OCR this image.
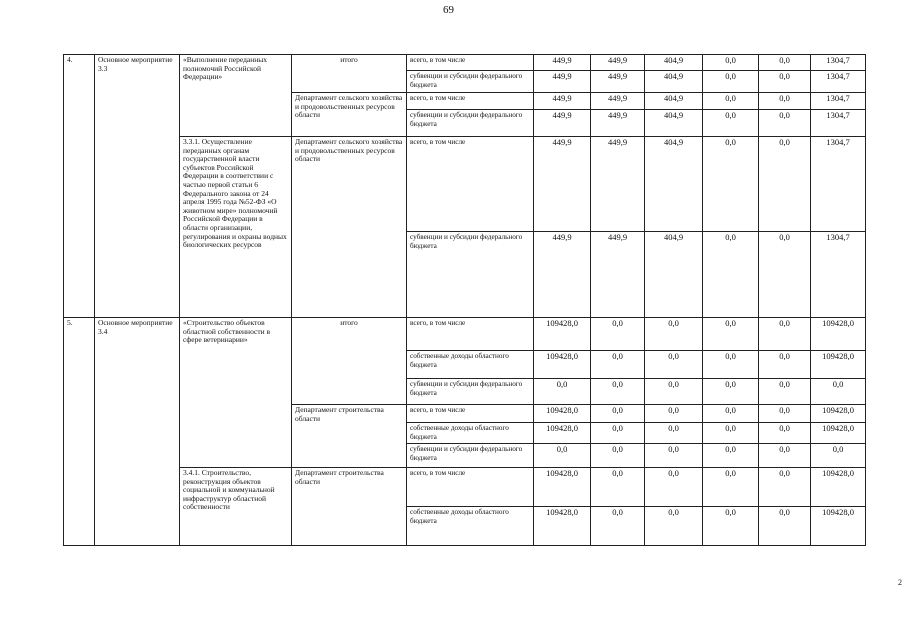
69
2
4.	Основное мероприятие 3.3	«Выполнение переданных полномочий Российской Федерации»	итого	всего, в том числе	449,9	449,9	404,9	0,0	0,0	1304,7
				субвенции и субсидии федерального бюджета	449,9	449,9	404,9	0,0	0,0	1304,7
			Департамент сельского хозяйства и продовольственных ресурсов области	всего, в том числе	449,9	449,9	404,9	0,0	0,0	1304,7
				субвенции и субсидии федерального бюджета	449,9	449,9	404,9	0,0	0,0	1304,7
		3.3.1. Осуществление переданных органам государственной власти субъектов Российской Федерации в соответствии с частью первой статьи 6 Федерального закона от 24 апреля 1995 года №52-ФЗ «О животном мире» полномочий Российской Федерации в области организации, регулирования и охраны водных биологических ресурсов	Департамент сельского хозяйства и продовольственных ресурсов области	всего, в том числе	449,9	449,9	404,9	0,0	0,0	1304,7
				субвенции и субсидии федерального бюджета	449,9	449,9	404,9	0,0	0,0	1304,7
5.	Основное мероприятие 3.4	«Строительство объектов областной собственности в сфере ветеринарии»	итого	всего, в том числе	109428,0	0,0	0,0	0,0	0,0	109428,0
				собственные доходы областного бюджета	109428,0	0,0	0,0	0,0	0,0	109428,0
				субвенции и субсидии федерального бюджета	0,0	0,0	0,0	0,0	0,0	0,0
			Департамент строительства области	всего, в том числе	109428,0	0,0	0,0	0,0	0,0	109428,0
				собственные доходы областного бюджета	109428,0	0,0	0,0	0,0	0,0	109428,0
				субвенции и субсидии федерального бюджета	0,0	0,0	0,0	0,0	0,0	0,0
		3.4.1. Строительство, реконструкция объектов социальной и коммунальной инфраструктур областной собственности	Департамент строительства области	всего, в том числе	109428,0	0,0	0,0	0,0	0,0	109428,0
				собственные доходы областного бюджета	109428,0	0,0	0,0	0,0	0,0	109428,0
